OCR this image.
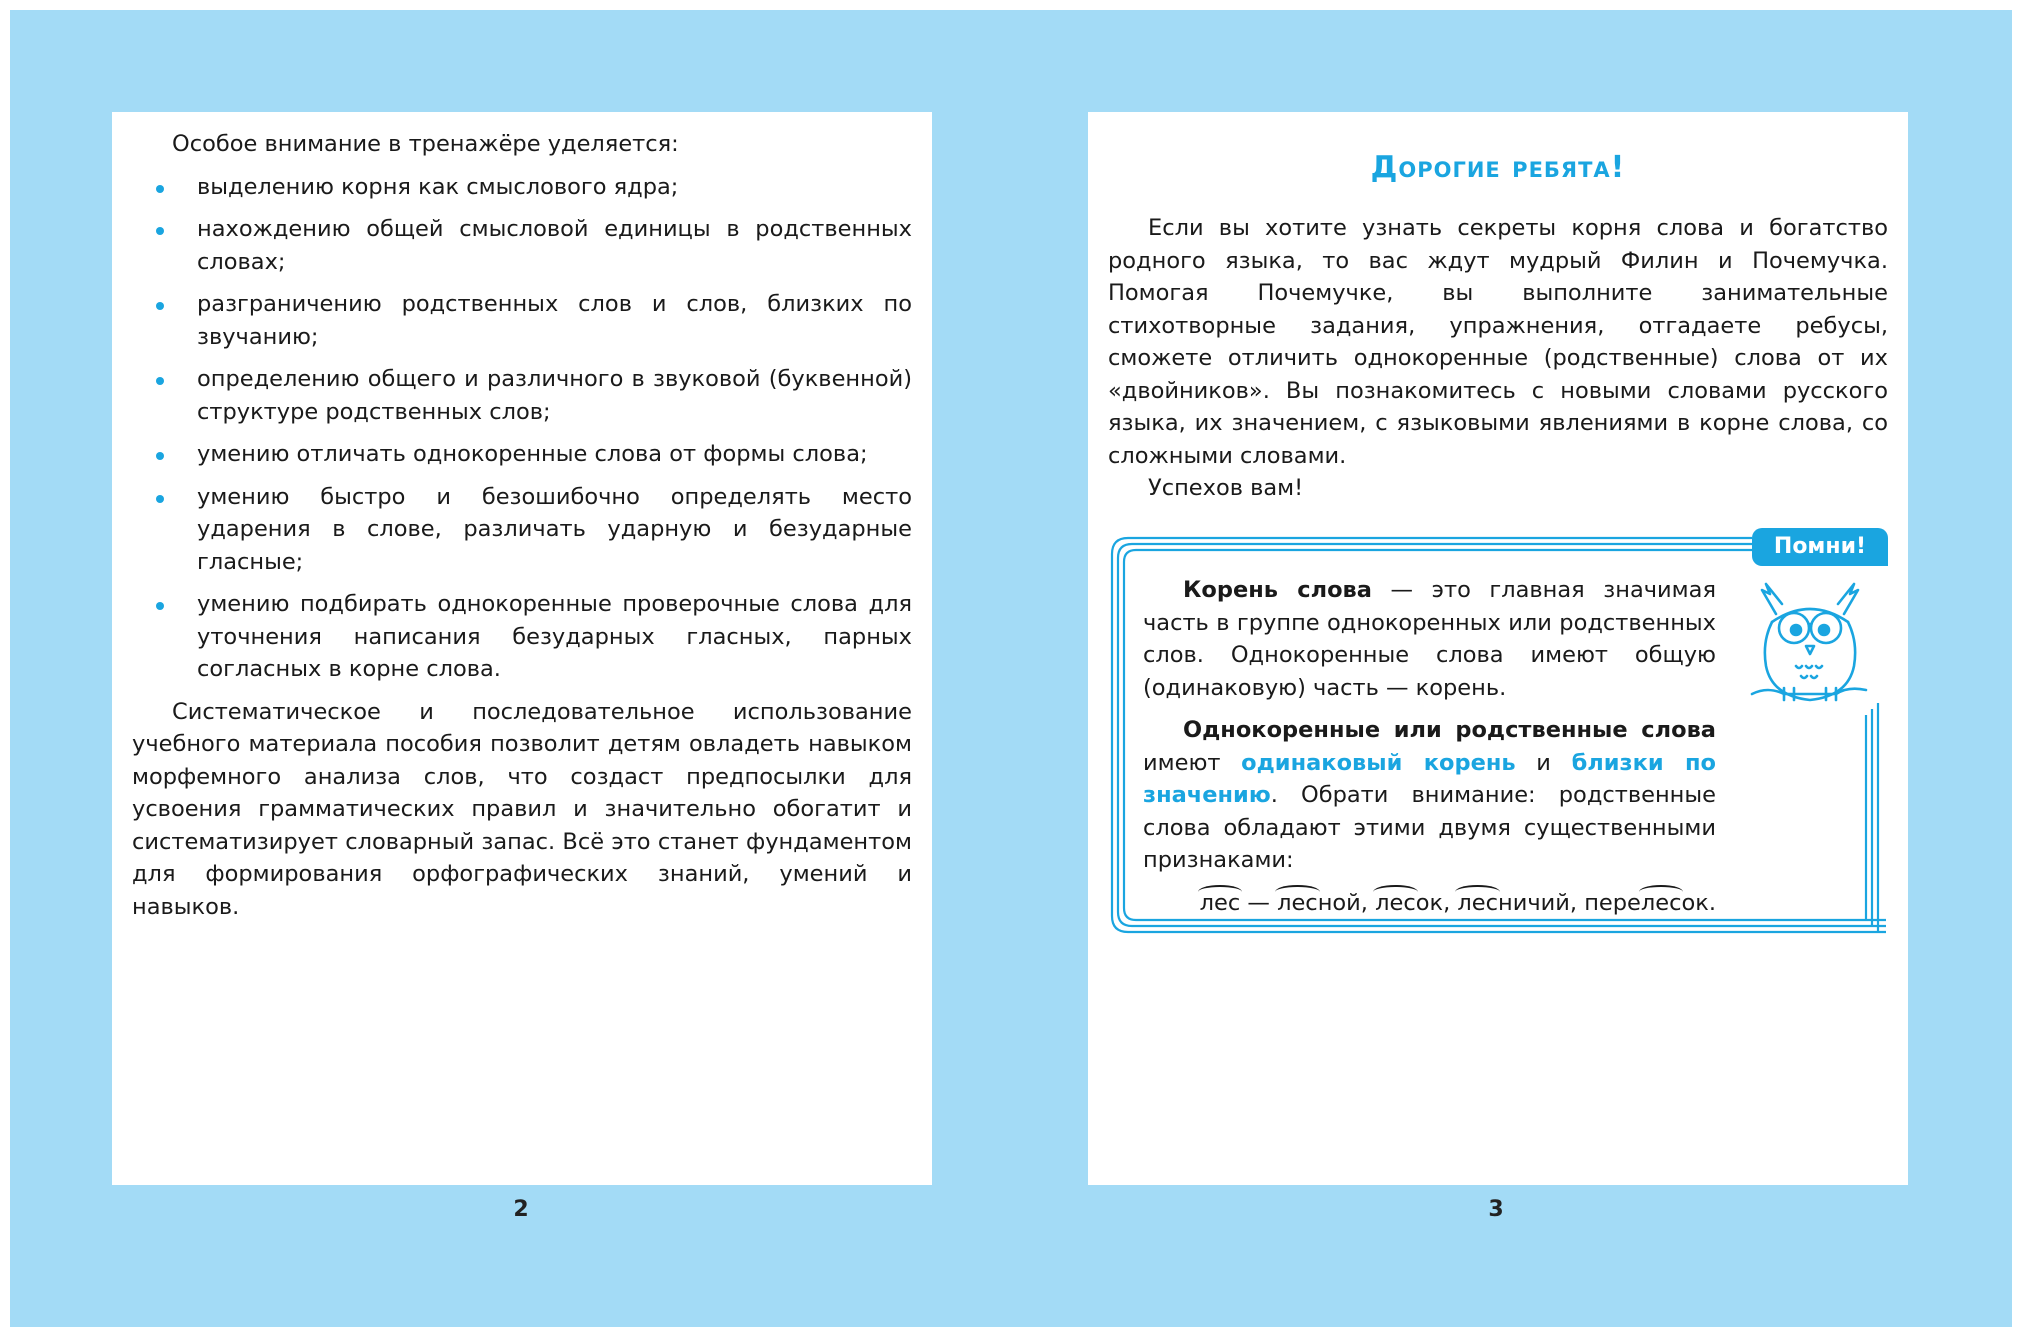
Особое внимание в тренажёре уделяется:

выделению корня как смыслового ядра;
нахождению общей смысловой единицы в родственных словах;
разграничению родственных слов и слов, близких по звучанию;
определению общего и различного в звуковой (буквенной) структуре родственных слов;
умению отличать однокоренные слова от формы слова;
умению быстро и безошибочно определять место ударения в слове, различать ударную и безударные гласные;
умению подбирать однокоренные проверочные слова для уточнения написания безударных гласных, парных согласных в корне слова.

Систематическое и последовательное использование учебного материала пособия позволит детям овладеть навыком морфемного анализа слов, что создаст предпосылки для усвоения грамматических правил и значительно обогатит и систематизирует словарный запас. Всё это станет фундаментом для формирования орфографических знаний, умений и навыков.

2
Дорогие ребята!

Если вы хотите узнать секреты корня слова и богатство родного языка, то вас ждут мудрый Филин и Почемучка. Помогая Почемучке, вы выполните занимательные стихотворные задания, упражнения, отгадаете ребусы, сможете отличить однокоренные (родственные) слова от их «двойников». Вы познакомитесь с новыми словами русского языка, их значением, с языковыми явлениями в корне слова, со сложными словами.

Успехов вам!

Помни!

Корень слова — это главная значимая часть в группе однокоренных или родственных слов. Однокоренные слова имеют общую (одинаковую) часть — корень.

Однокоренные или родственные слова имеют одинаковый корень и близки по значению. Обрати внимание: родственные слова обладают этими двумя существенными признаками:

лес — лесной, лесок, лесничий, перелесок.

3
